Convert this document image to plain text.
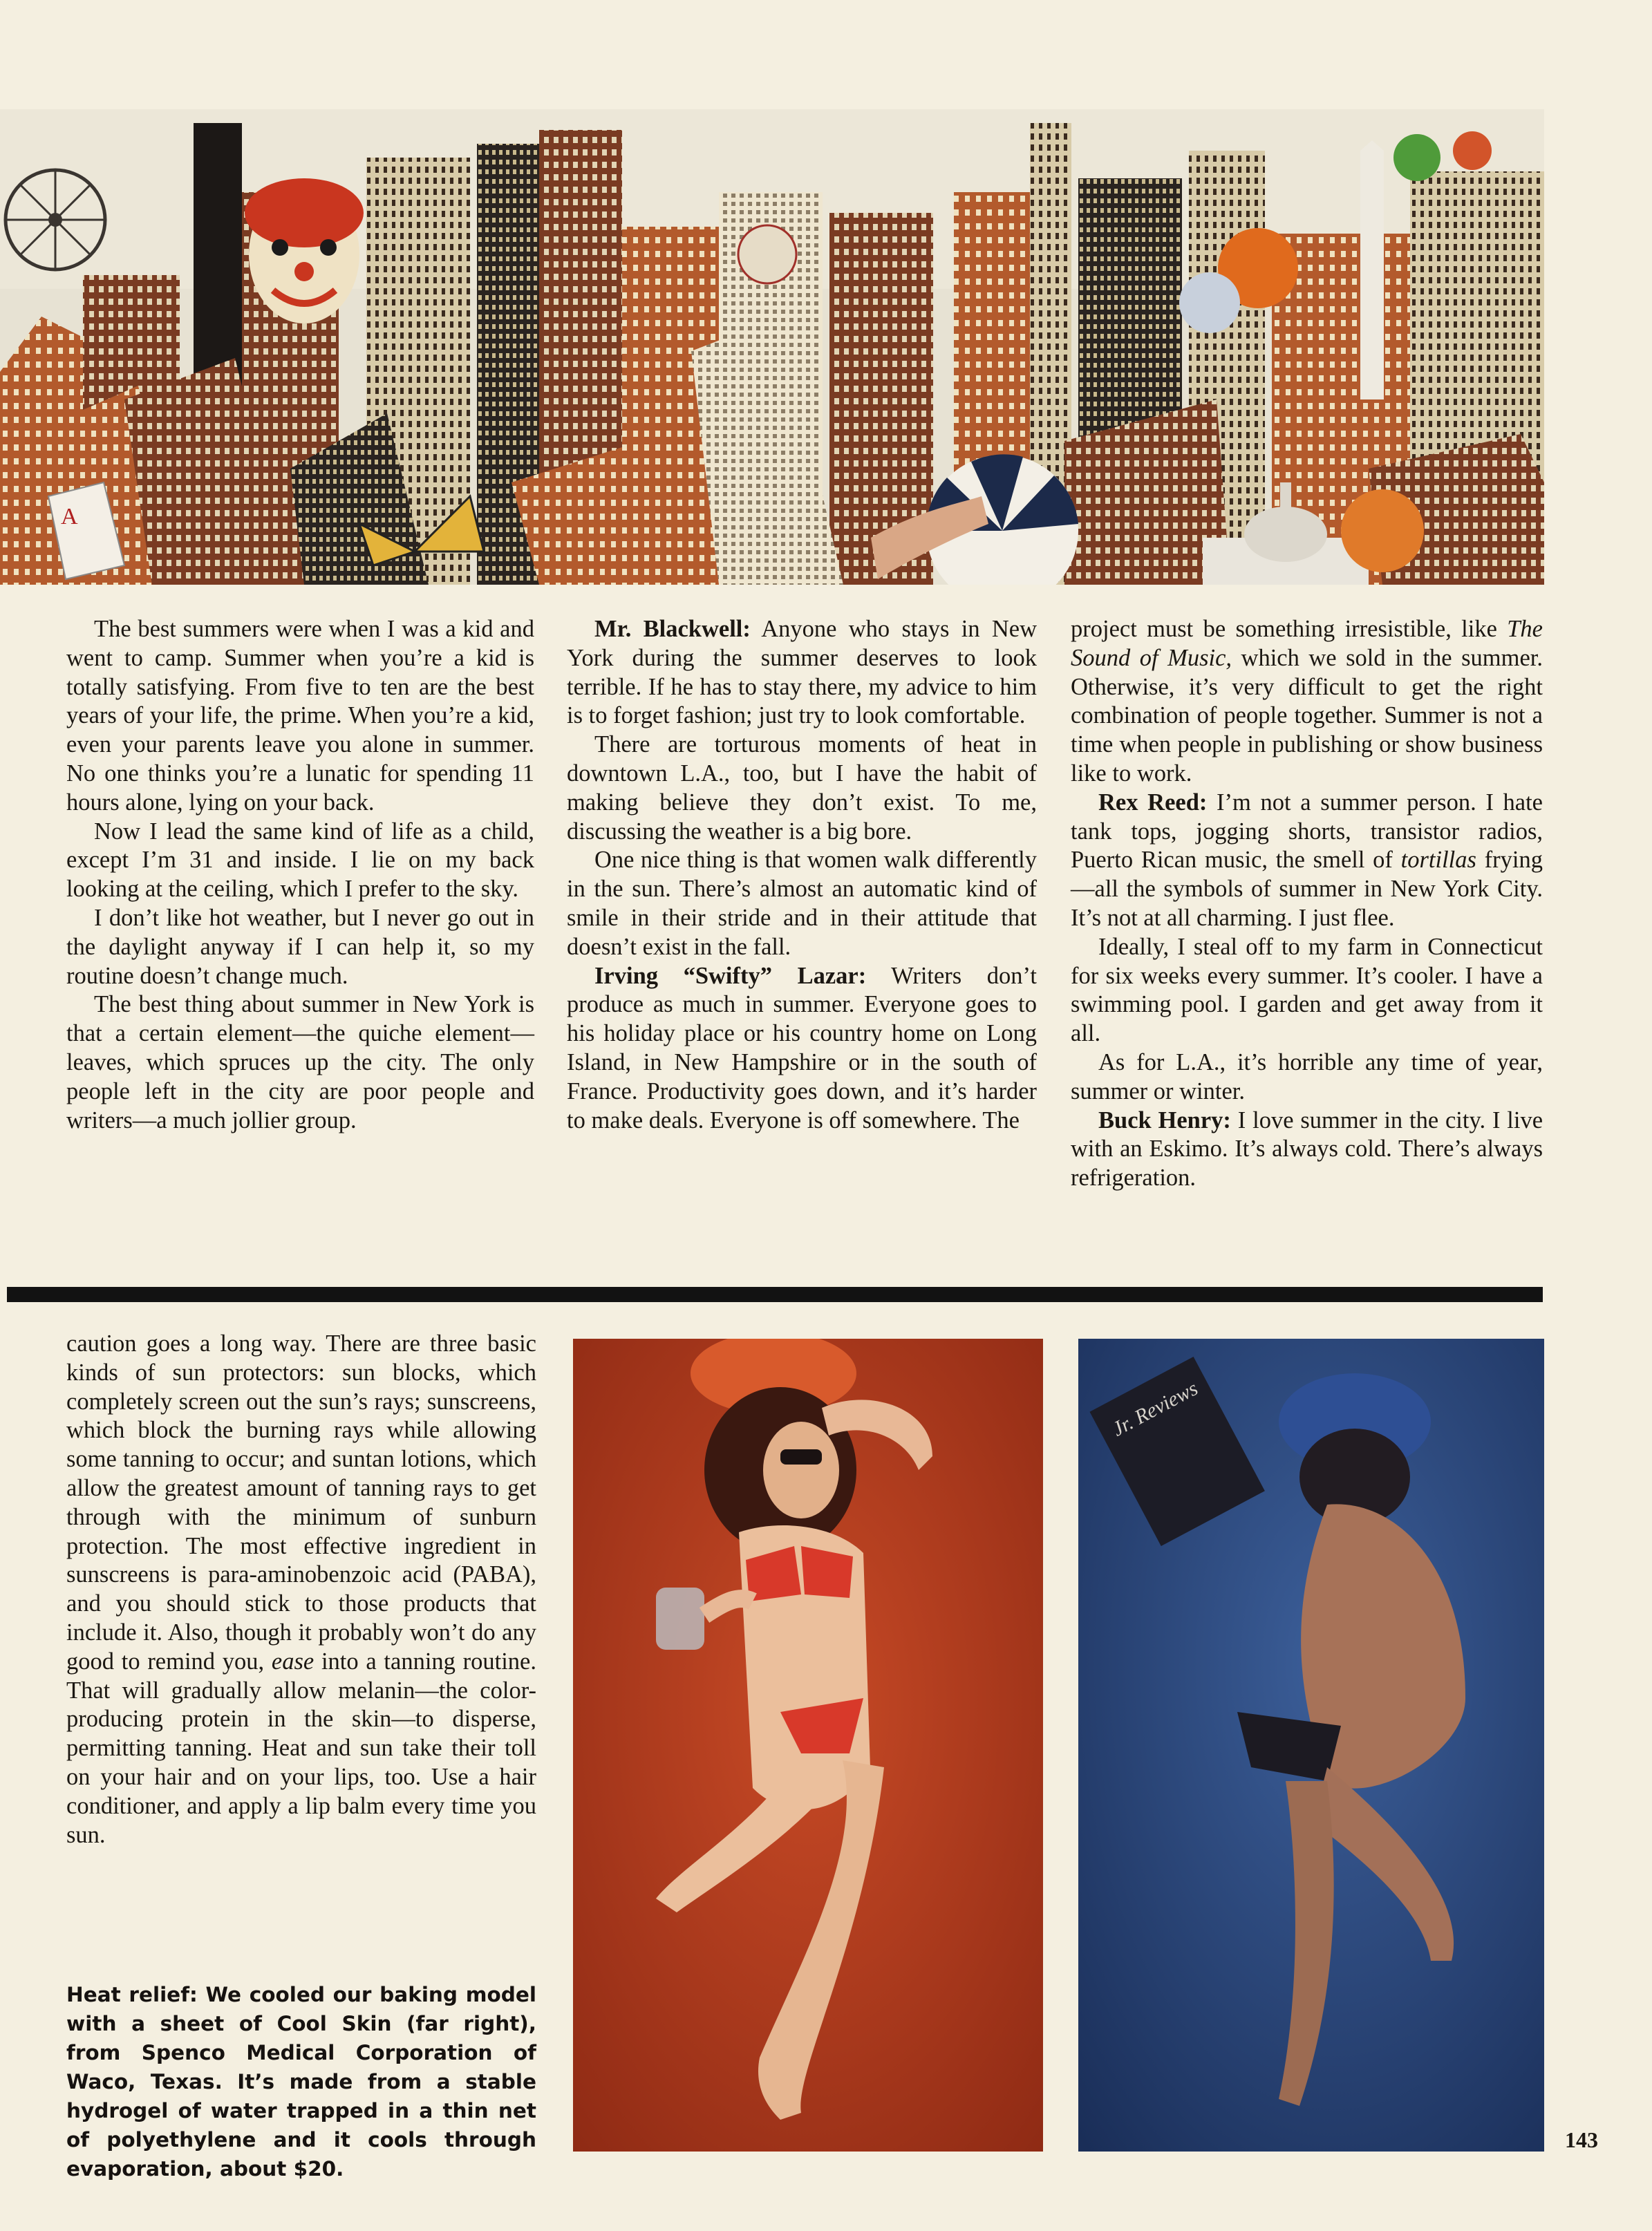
A

The best summers were when I was a kid and went to camp. Summer when you’re a kid is totally satisfying. From five to ten are the best years of your life, the prime. When you’re a kid, even your parents leave you alone in summer. No one thinks you’re a lunatic for spending 11 hours alone, lying on your back.

Now I lead the same kind of life as a child, except I’m 31 and inside. I lie on my back looking at the ceiling, which I prefer to the sky.

I don’t like hot weather, but I never go out in the daylight anyway if I can help it, so my routine doesn’t change much.

The best thing about summer in New York is that a certain element—the quiche element—leaves, which spruces up the city. The only people left in the city are poor people and writers—a much jollier group.

Mr. Blackwell: Anyone who stays in New York during the summer deserves to look terrible. If he has to stay there, my advice to him is to forget fashion; just try to look comfortable.

There are torturous moments of heat in downtown L.A., too, but I have the habit of making believe they don’t exist. To me, discussing the weather is a big bore.

One nice thing is that women walk differently in the sun. There’s almost an automatic kind of smile in their stride and in their attitude that doesn’t exist in the fall.

Irving “Swifty” Lazar: Writers don’t produce as much in summer. Everyone goes to his holiday place or his country home on Long Island, in New Hampshire or in the south of France. Productivity goes down, and it’s harder to make deals. Everyone is off somewhere. The

project must be something irresistible, like The Sound of Music, which we sold in the summer. Otherwise, it’s very difficult to get the right combination of people together. Summer is not a time when people in publishing or show business like to work.

Rex Reed: I’m not a summer person. I hate tank tops, jogging shorts, transistor radios, Puerto Rican music, the smell of tortillas frying—all the symbols of summer in New York City. It’s not at all charming. I just flee.

Ideally, I steal off to my farm in Connecticut for six weeks every summer. It’s cooler. I have a swimming pool. I garden and get away from it all.

As for L.A., it’s horrible any time of year, summer or winter.

Buck Henry: I love summer in the city. I live with an Eskimo. It’s always cold. There’s always refrigeration.

caution goes a long way. There are three basic kinds of sun protectors: sun blocks, which completely screen out the sun’s rays; sunscreens, which block the burning rays while allowing some tanning to occur; and suntan lotions, which allow the greatest amount of tanning rays to get through with the minimum of sunburn protection. The most effective ingredient in sunscreens is para-aminobenzoic acid (PABA), and you should stick to those products that include it. Also, though it probably won’t do any good to remind you, ease into a tanning routine. That will gradually allow melanin—the color-producing protein in the skin—to disperse, permitting tanning. Heat and sun take their toll on your hair and on your lips, too. Use a hair conditioner, and apply a lip balm every time you sun.

Heat relief: We cooled our baking model with a sheet of Cool Skin (far right), from Spenco Medical Corporation of Waco, Texas. It’s made from a stable hydrogel of water trapped in a thin net of polyethylene and it cools through evaporation, about $20.

Jr. Reviews
143
